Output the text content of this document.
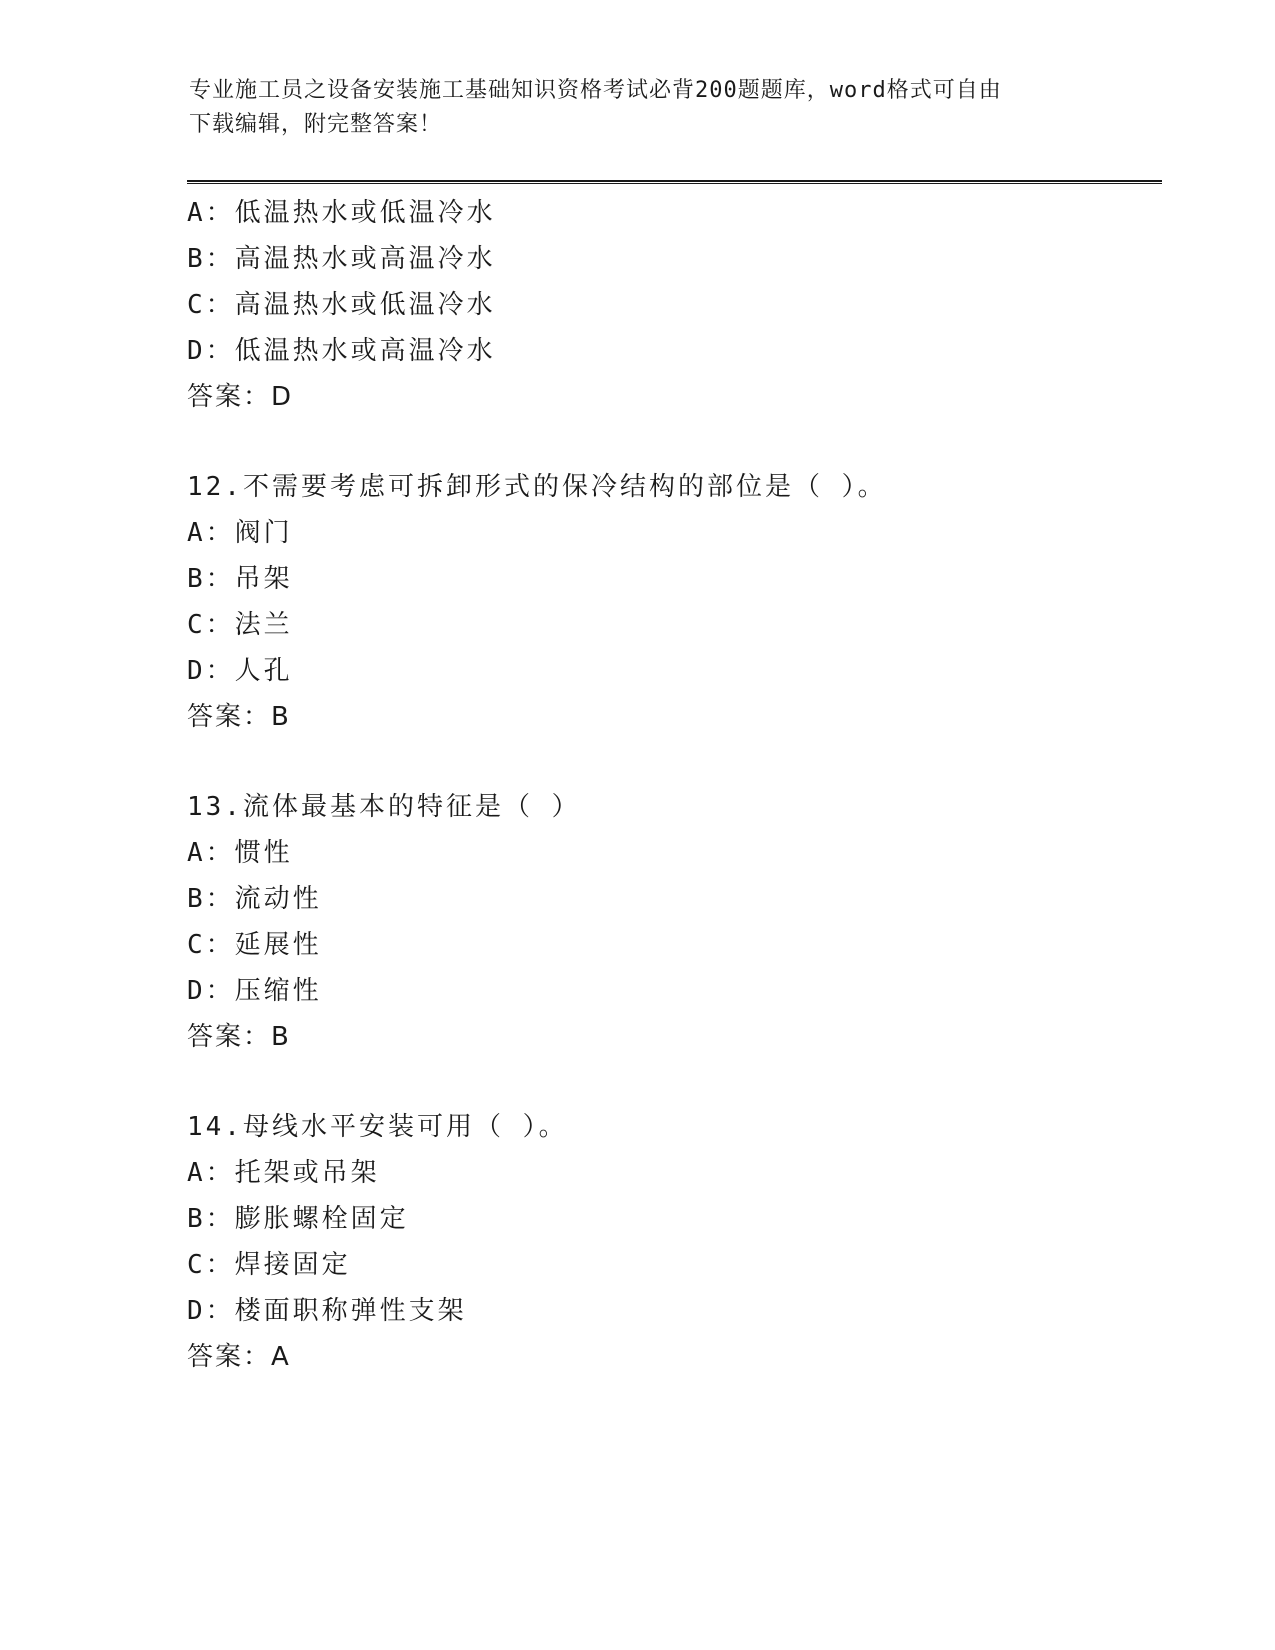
专业施工员之设备安装施工基础知识资格考试必背200题题库，word格式可自由
下载编辑，附完整答案！
A：低温热水或低温冷水
B：高温热水或高温冷水
C：高温热水或低温冷水
D：低温热水或高温冷水
答案：D
12.不需要考虑可拆卸形式的保冷结构的部位是（ ）。
A：阀门
B：吊架
C：法兰
D：人孔
答案：B
13.流体最基本的特征是（ ）
A：惯性
B：流动性
C：延展性
D：压缩性
答案：B
14.母线水平安装可用（ ）。
A：托架或吊架
B：膨胀螺栓固定
C：焊接固定
D：楼面职称弹性支架
答案：A
